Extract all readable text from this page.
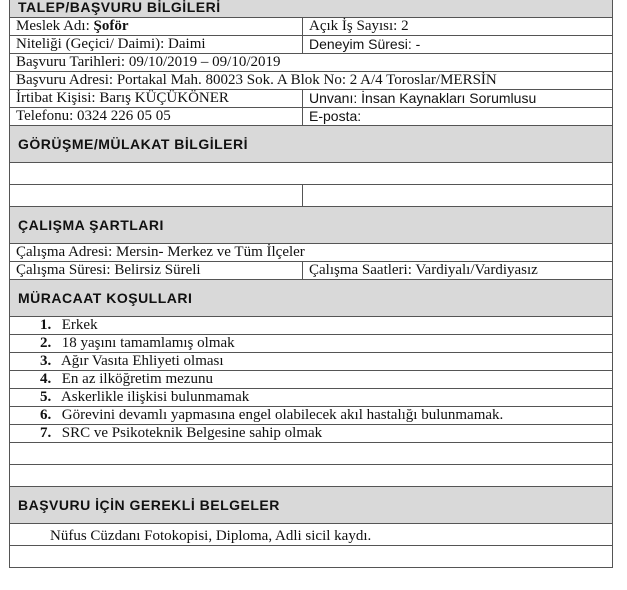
TALEP/BAŞVURU BİLGİLERİ	
Meslek Adı: Şoför	Açık İş Sayısı: 2
Niteliği (Geçici/ Daimi): Daimi	Deneyim Süresi: -
Başvuru Tarihleri: 09/10/2019 – 09/10/2019	
Başvuru Adresi: Portakal Mah. 80023 Sok. A Blok No: 2 A/4 Toroslar/MERSİN	
İrtibat Kişisi: Barış KÜÇÜKÖNER	Unvanı: İnsan Kaynakları Sorumlusu
Telefonu: 0324 226 05 05	E-posta:
GÖRÜŞME/MÜLAKAT BİLGİLERİ	

ÇALIŞMA ŞARTLARI	
Çalışma Adresi: Mersin- Merkez ve Tüm İlçeler	
Çalışma Süresi: Belirsiz Süreli	Çalışma Saatleri: Vardiyalı/Vardiyasız
MÜRACAAT KOŞULLARI	
1. Erkek	
2. 18 yaşını tamamlamış olmak	
3. Ağır Vasıta Ehliyeti olması	
4. En az ilköğretim mezunu	
5. Askerlikle ilişkisi bulunmamak	
6. Görevini devamlı yapmasına engel olabilecek akıl hastalığı bulunmamak.	
7. SRC ve Psikoteknik Belgesine sahip olmak	

BAŞVURU İÇİN GEREKLİ BELGELER	
Nüfus Cüzdanı Fotokopisi, Diploma, Adli sicil kaydı.	
